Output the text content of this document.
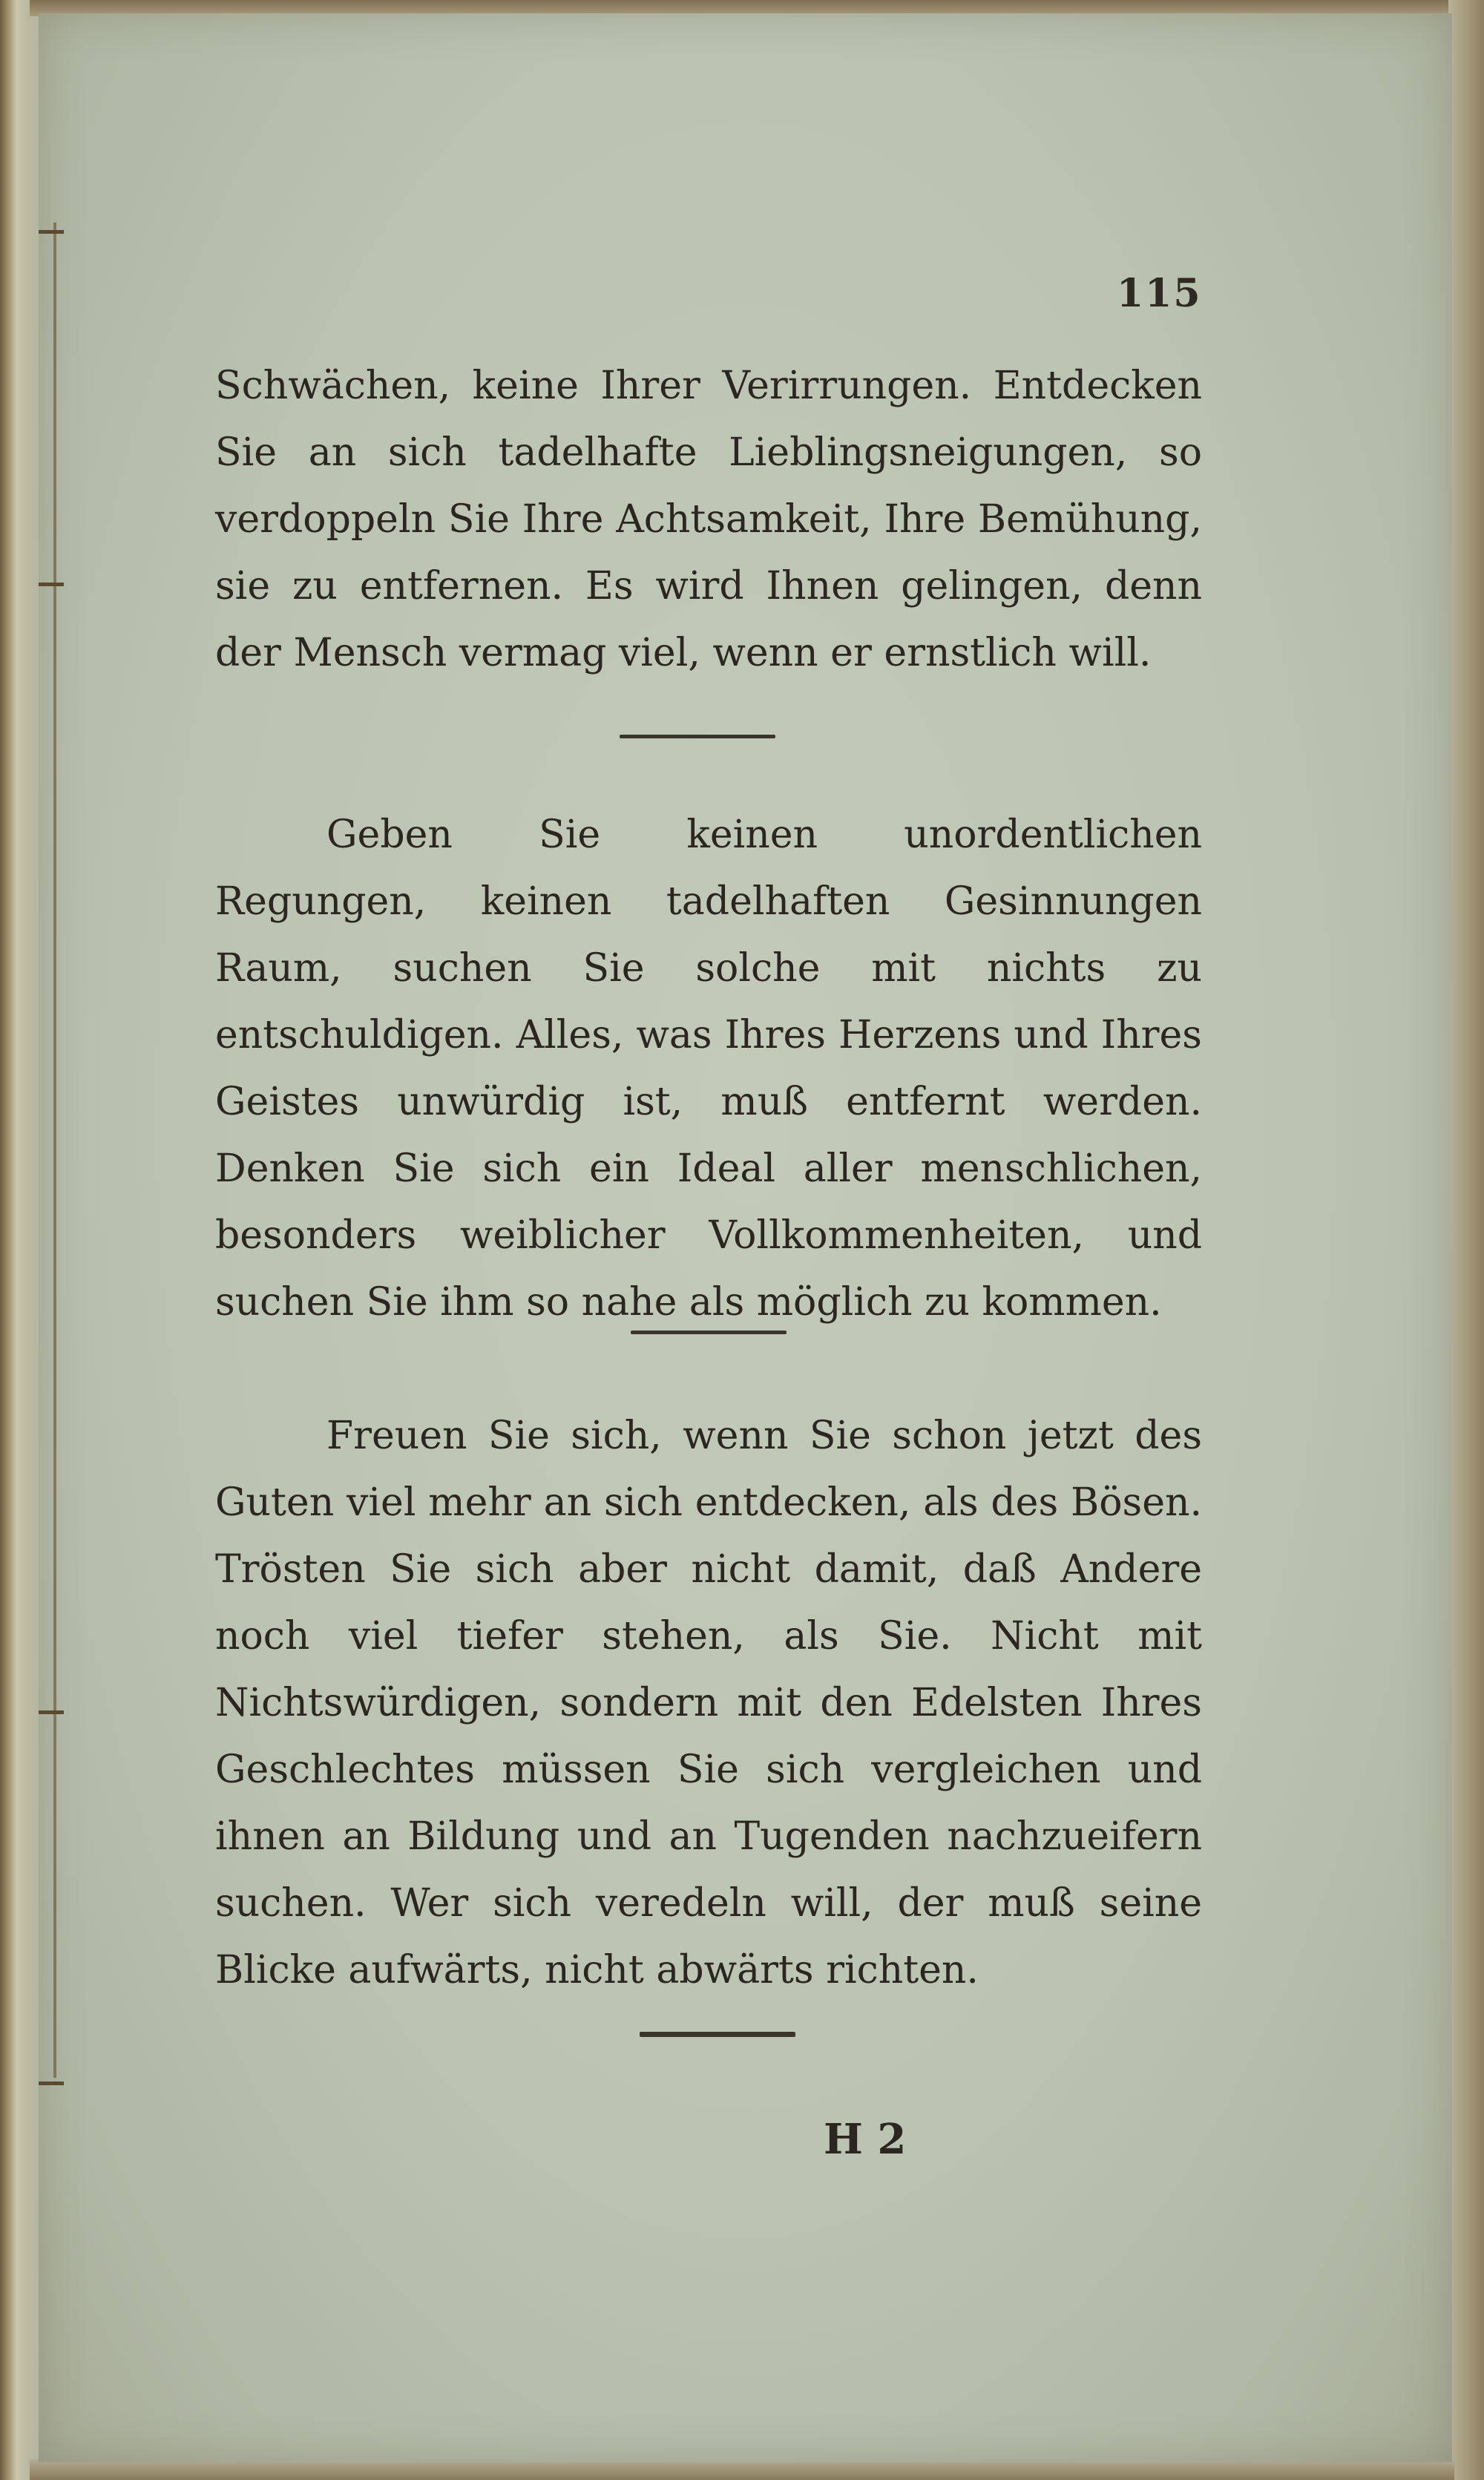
115

Schwächen, keine Ihrer Verirrungen. Entdecken Sie an sich tadelhafte Lieblingsneigungen, so verdoppeln Sie Ihre Achtsamkeit, Ihre Bemühung, sie zu entfernen. Es wird Ihnen gelingen, denn der Mensch vermag viel, wenn er ernstlich will.

Geben Sie keinen unordentlichen Regungen, keinen tadelhaften Gesinnungen Raum, suchen Sie solche mit nichts zu entschuldigen. Alles, was Ihres Herzens und Ihres Geistes unwürdig ist, muß entfernt werden. Denken Sie sich ein Ideal aller menschlichen, besonders weiblicher Vollkommenheiten, und suchen Sie ihm so nahe als möglich zu kommen.

Freuen Sie sich, wenn Sie schon jetzt des Guten viel mehr an sich entdecken, als des Bösen. Trösten Sie sich aber nicht damit, daß Andere noch viel tiefer stehen, als Sie. Nicht mit Nichtswürdigen, sondern mit den Edelsten Ihres Geschlechtes müssen Sie sich vergleichen und ihnen an Bildung und an Tugenden nachzueifern suchen. Wer sich veredeln will, der muß seine Blicke aufwärts, nicht abwärts richten.

H 2
